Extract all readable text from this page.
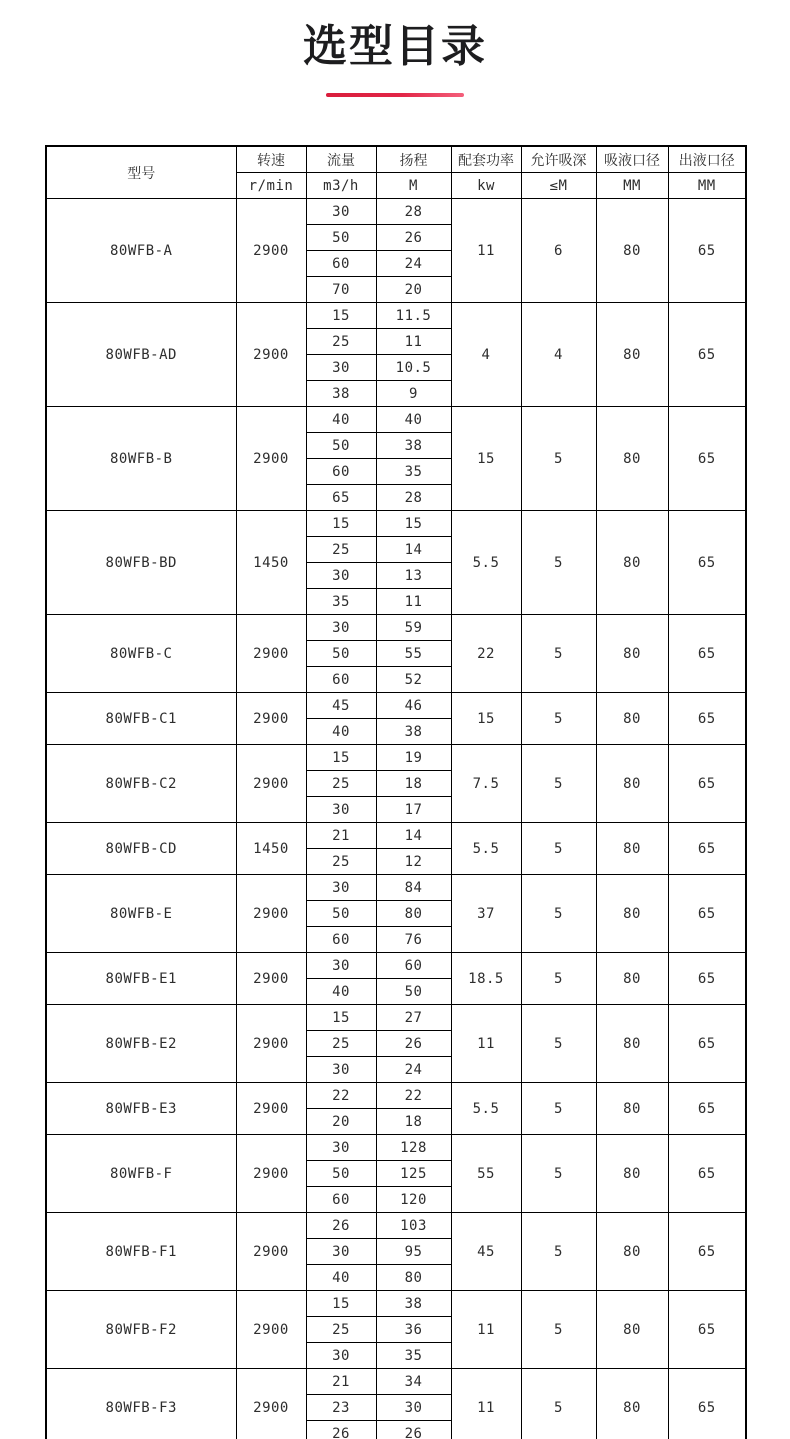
选型目录
型号	转速	流量	扬程	配套功率	允许吸深	吸液口径	出液口径
	r/min	m3/h	M	kw	≤M	MM	MM
80WFB-A	2900	30	28	11	6	80	65
		50	26				
		60	24				
		70	20				
80WFB-AD	2900	15	11.5	4	4	80	65
		25	11				
		30	10.5				
		38	9				
80WFB-B	2900	40	40	15	5	80	65
		50	38				
		60	35				
		65	28				
80WFB-BD	1450	15	15	5.5	5	80	65
		25	14				
		30	13				
		35	11				
80WFB-C	2900	30	59	22	5	80	65
		50	55				
		60	52				
80WFB-C1	2900	45	46	15	5	80	65
		40	38				
80WFB-C2	2900	15	19	7.5	5	80	65
		25	18				
		30	17				
80WFB-CD	1450	21	14	5.5	5	80	65
		25	12				
80WFB-E	2900	30	84	37	5	80	65
		50	80				
		60	76				
80WFB-E1	2900	30	60	18.5	5	80	65
		40	50				
80WFB-E2	2900	15	27	11	5	80	65
		25	26				
		30	24				
80WFB-E3	2900	22	22	5.5	5	80	65
		20	18				
80WFB-F	2900	30	128	55	5	80	65
		50	125				
		60	120				
80WFB-F1	2900	26	103	45	5	80	65
		30	95				
		40	80				
80WFB-F2	2900	15	38	11	5	80	65
		25	36				
		30	35				
80WFB-F3	2900	21	34	11	5	80	65
		23	30				
		26	26				
